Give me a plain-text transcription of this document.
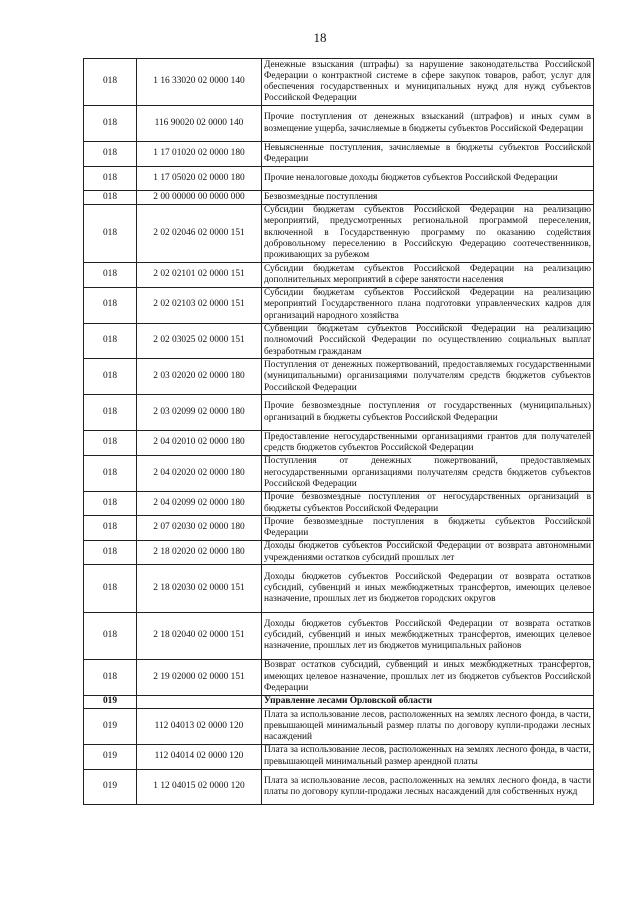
18
018	1 16 33020 02 0000 140	Денежные взыскания (штрафы) за нарушение законодательства Российской Федерации о контрактной системе в сфере закупок товаров, работ, услуг для обеспечения государственных и муниципальных нужд для нужд субъектов Российской Федерации
018	116 90020 02 0000 140	Прочие поступления от денежных взысканий (штрафов) и иных сумм в возмещение ущерба, зачисляемые в бюджеты субъектов Российской Федерации
018	1 17 01020 02 0000 180	Невыясненные поступления, зачисляемые в бюджеты субъектов Российской Федерации
018	1 17 05020 02 0000 180	Прочие неналоговые доходы бюджетов субъектов Российской Федерации
018	2 00 00000 00 0000 000	Безвозмездные поступления
018	2 02 02046 02 0000 151	Субсидии бюджетам субъектов Российской Федерации на реализацию мероприятий, предусмотренных региональной программой переселения, включенной в Государственную программу по оказанию содействия добровольному переселению в Российскую Федерацию соотечественников, проживающих за рубежом
018	2 02 02101 02 0000 151	Субсидии бюджетам субъектов Российской Федерации на реализацию дополнительных мероприятий в сфере занятости населения
018	2 02 02103 02 0000 151	Субсидии бюджетам субъектов Российской Федерации на реализацию мероприятий Государственного плана подготовки управленческих кадров для организаций народного хозяйства
018	2 02 03025 02 0000 151	Субвенции бюджетам субъектов Российской Федерации на реализацию полномочий Российской Федерации по осуществлению социальных выплат безработным гражданам
018	2 03 02020 02 0000 180	Поступления от денежных пожертвований, предоставляемых государственными (муниципальными) организациями получателям средств бюджетов субъектов Российской Федерации
018	2 03 02099 02 0000 180	Прочие безвозмездные поступления от государственных (муниципальных) организаций в бюджеты субъектов Российской Федерации
018	2 04 02010 02 0000 180	Предоставление негосударственными организациями грантов для получателей средств бюджетов субъектов Российской Федерации
018	2 04 02020 02 0000 180	Поступления от денежных пожертвований, предоставляемых негосударственными организациями получателям средств бюджетов субъектов Российской Федерации
018	2 04 02099 02 0000 180	Прочие безвозмездные поступления от негосударственных организаций в бюджеты субъектов Российской Федерации
018	2 07 02030 02 0000 180	Прочие безвозмездные поступления в бюджеты субъектов Российской Федерации
018	2 18 02020 02 0000 180	Доходы бюджетов субъектов Российской Федерации от возврата автономными учреждениями остатков субсидий прошлых лет
018	2 18 02030 02 0000 151	Доходы бюджетов субъектов Российской Федерации от возврата остатков субсидий, субвенций и иных межбюджетных трансфертов, имеющих целевое назначение, прошлых лет из бюджетов городских округов
018	2 18 02040 02 0000 151	Доходы бюджетов субъектов Российской Федерации от возврата остатков субсидий, субвенций и иных межбюджетных трансфертов, имеющих целевое назначение, прошлых лет из бюджетов муниципальных районов
018	2 19 02000 02 0000 151	Возврат остатков субсидий, субвенций и иных межбюджетных трансфертов, имеющих целевое назначение, прошлых лет из бюджетов субъектов Российской Федерации
019		Управление лесами Орловской области
019	112 04013 02 0000 120	Плата за использование лесов, расположенных на землях лесного фонда, в части, превышающей минимальный размер платы по договору купли-продажи лесных насаждений
019	112 04014 02 0000 120	Плата за использование лесов, расположенных на землях лесного фонда, в части, превышающей минимальный размер арендной платы
019	1 12 04015 02 0000 120	Плата за использование лесов, расположенных на землях лесного фонда, в части платы по договору купли-продажи лесных насаждений для собственных нужд
